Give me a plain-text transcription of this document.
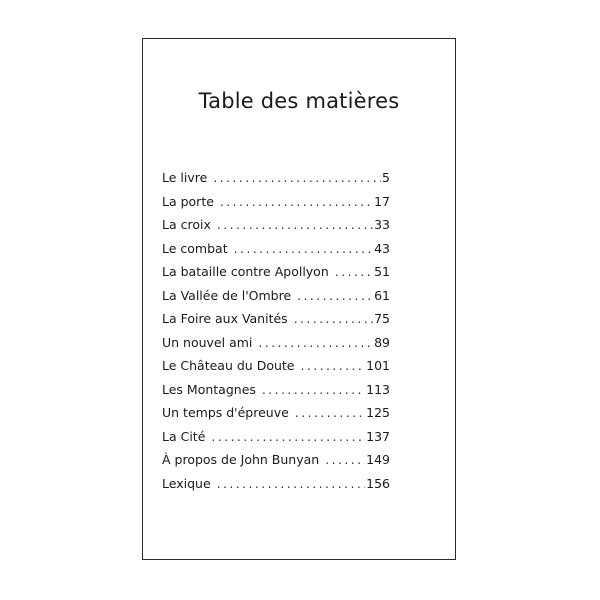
Table des matières
Le livre .....	5
La porte .....	17
La croix .....	33
Le combat .....	43
La bataille contre Apollyon .....	51
La Vallée de l'Ombre .....	61
La Foire aux Vanités .....	75
Un nouvel ami .....	89
Le Château du Doute .....	101
Les Montagnes .....	113
Un temps d'épreuve .....	125
La Cité .....	137
À propos de John Bunyan .....	149
Lexique .....	156
